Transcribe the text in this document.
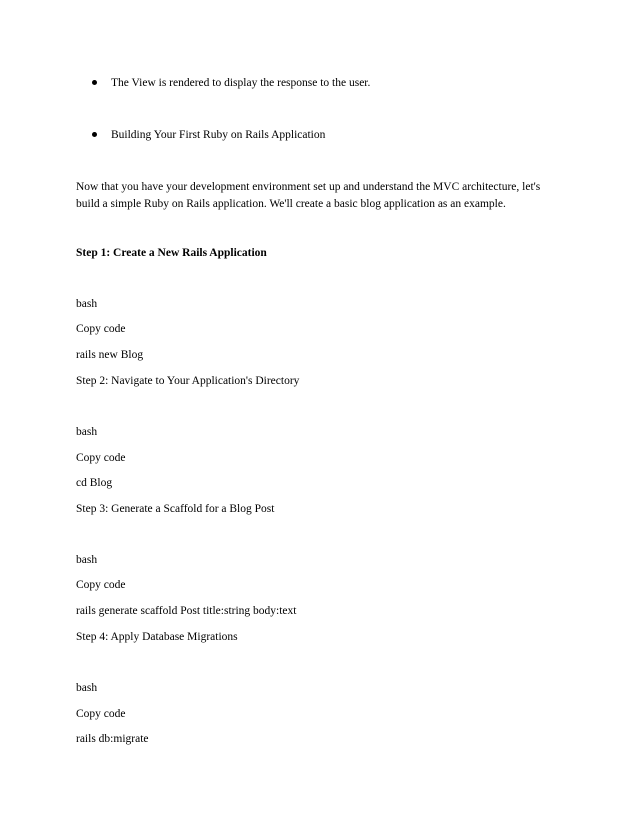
The View is rendered to display the response to the user.
Building Your First Ruby on Rails Application
Now that you have your development environment set up and understand the MVC architecture, let's
build a simple Ruby on Rails application. We'll create a basic blog application as an example.
Step 1: Create a New Rails Application
bash
Copy code
rails new Blog
Step 2: Navigate to Your Application's Directory
bash
Copy code
cd Blog
Step 3: Generate a Scaffold for a Blog Post
bash
Copy code
rails generate scaffold Post title:string body:text
Step 4: Apply Database Migrations
bash
Copy code
rails db:migrate
